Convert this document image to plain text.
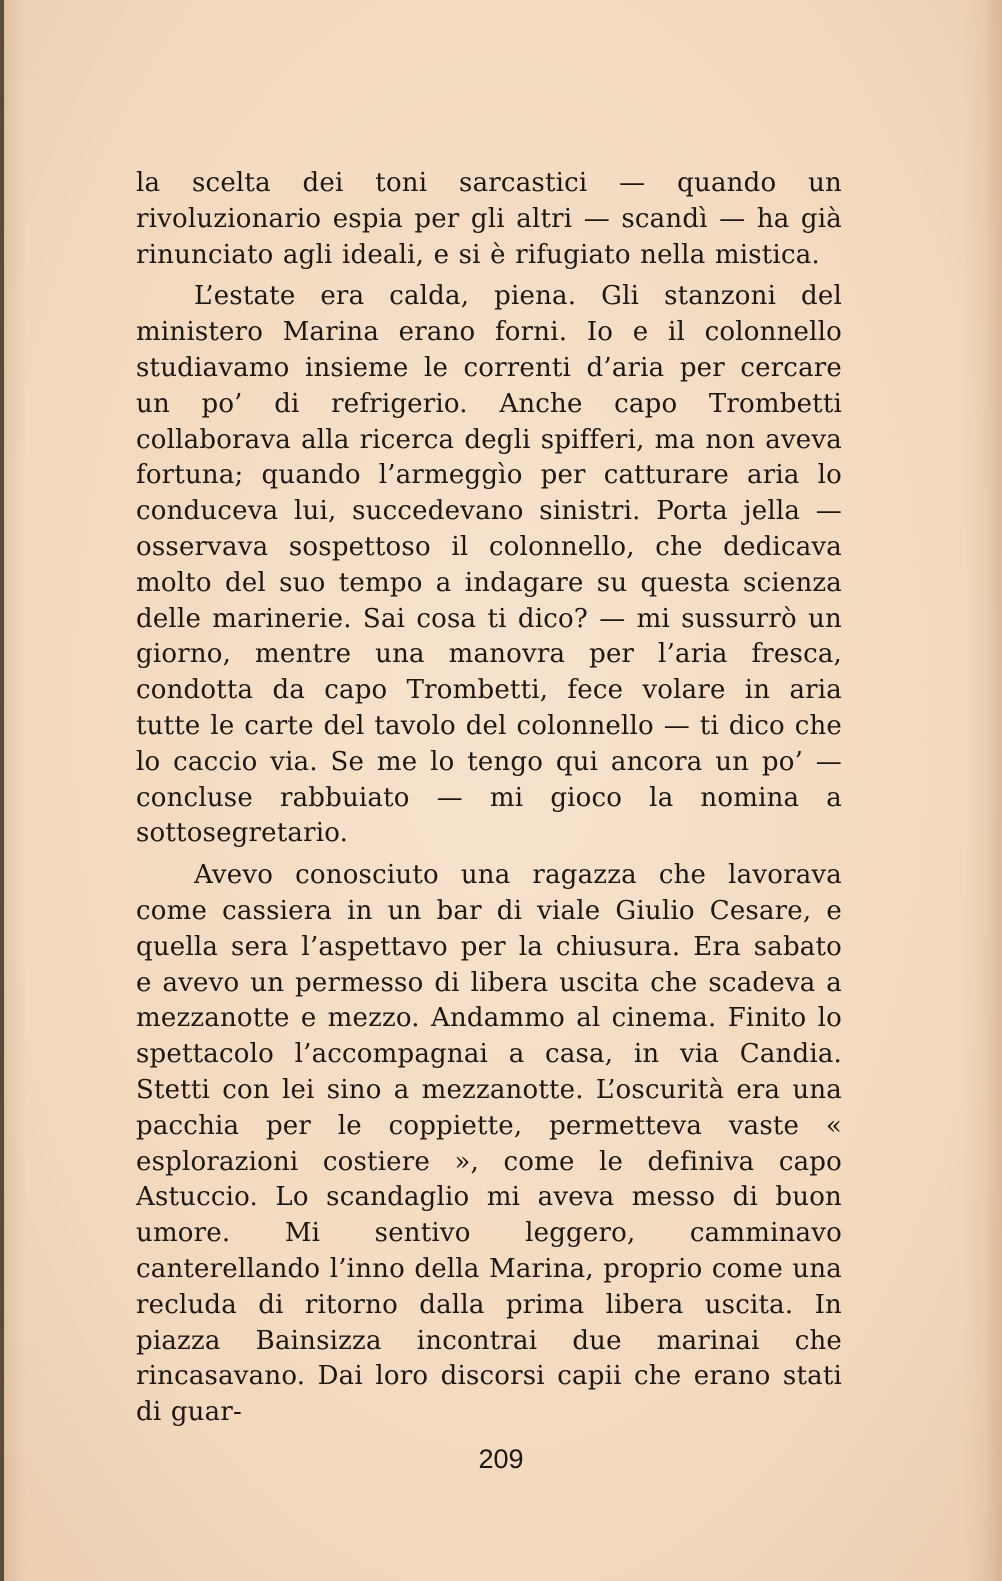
la scelta dei toni sarcastici — quando un rivoluzionario espia per gli altri — scandì — ha già rinunciato agli ideali, e si è rifugiato nella mistica.

L’estate era calda, piena. Gli stanzoni del ministero Marina erano forni. Io e il colonnello studiavamo insieme le correnti d’aria per cercare un po’ di refrigerio. Anche capo Trombetti collaborava alla ricerca degli spifferi, ma non aveva fortuna; quando l’armeggìo per catturare aria lo conduceva lui, succedevano sinistri. Porta jella — osservava sospettoso il colonnello, che dedicava molto del suo tempo a indagare su questa scienza delle marinerie. Sai cosa ti dico? — mi sussurrò un giorno, mentre una manovra per l’aria fresca, condotta da capo Trombetti, fece volare in aria tutte le carte del tavolo del colonnello — ti dico che lo caccio via. Se me lo tengo qui ancora un po’ — concluse rabbuiato — mi gioco la nomina a sottosegretario.

Avevo conosciuto una ragazza che lavorava come cassiera in un bar di viale Giulio Cesare, e quella sera l’aspettavo per la chiusura. Era sabato e avevo un permesso di libera uscita che scadeva a mezzanotte e mezzo. Andammo al cinema. Finito lo spettacolo l’accompagnai a casa, in via Candia. Stetti con lei sino a mezzanotte. L’oscurità era una pacchia per le coppiette, permetteva vaste « esplorazioni costiere », come le definiva capo Astuccio. Lo scandaglio mi aveva messo di buon umore. Mi sentivo leggero, camminavo canterellando l’inno della Marina, proprio come una recluda di ritorno dalla prima libera uscita. In piazza Bainsizza incontrai due marinai che rincasavano. Dai loro discorsi capii che erano stati di guar-

209
